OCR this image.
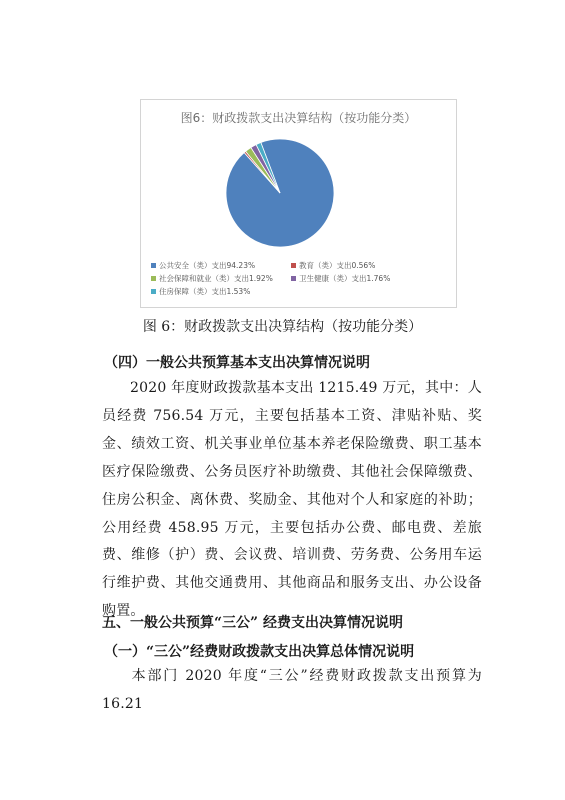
图6：财政拨款支出决算结构（按功能分类）
公共安全（类）支出94.23%	教育（类）支出0.56%
社会保障和就业（类）支出1.92%	卫生健康（类）支出1.76%
住房保障（类）支出1.53%
图 6：财政拨款支出决算结构（按功能分类）
（四）一般公共预算基本支出决算情况说明
2020 年度财政拨款基本支出 1215.49 万元，其中：人员经费 756.54 万元，主要包括基本工资、津贴补贴、奖金、绩效工资、机关事业单位基本养老保险缴费、职工基本医疗保险缴费、公务员医疗补助缴费、其他社会保障缴费、住房公积金、离休费、奖励金、其他对个人和家庭的补助；公用经费 458.95 万元，主要包括办公费、邮电费、差旅费、维修（护）费、会议费、培训费、劳务费、公务用车运行维护费、其他交通费用、其他商品和服务支出、办公设备购置。
五、一般公共预算“三公” 经费支出决算情况说明
（一）“三公”经费财政拨款支出决算总体情况说明
本部门 2020 年度“三公”经费财政拨款支出预算为 16.21
